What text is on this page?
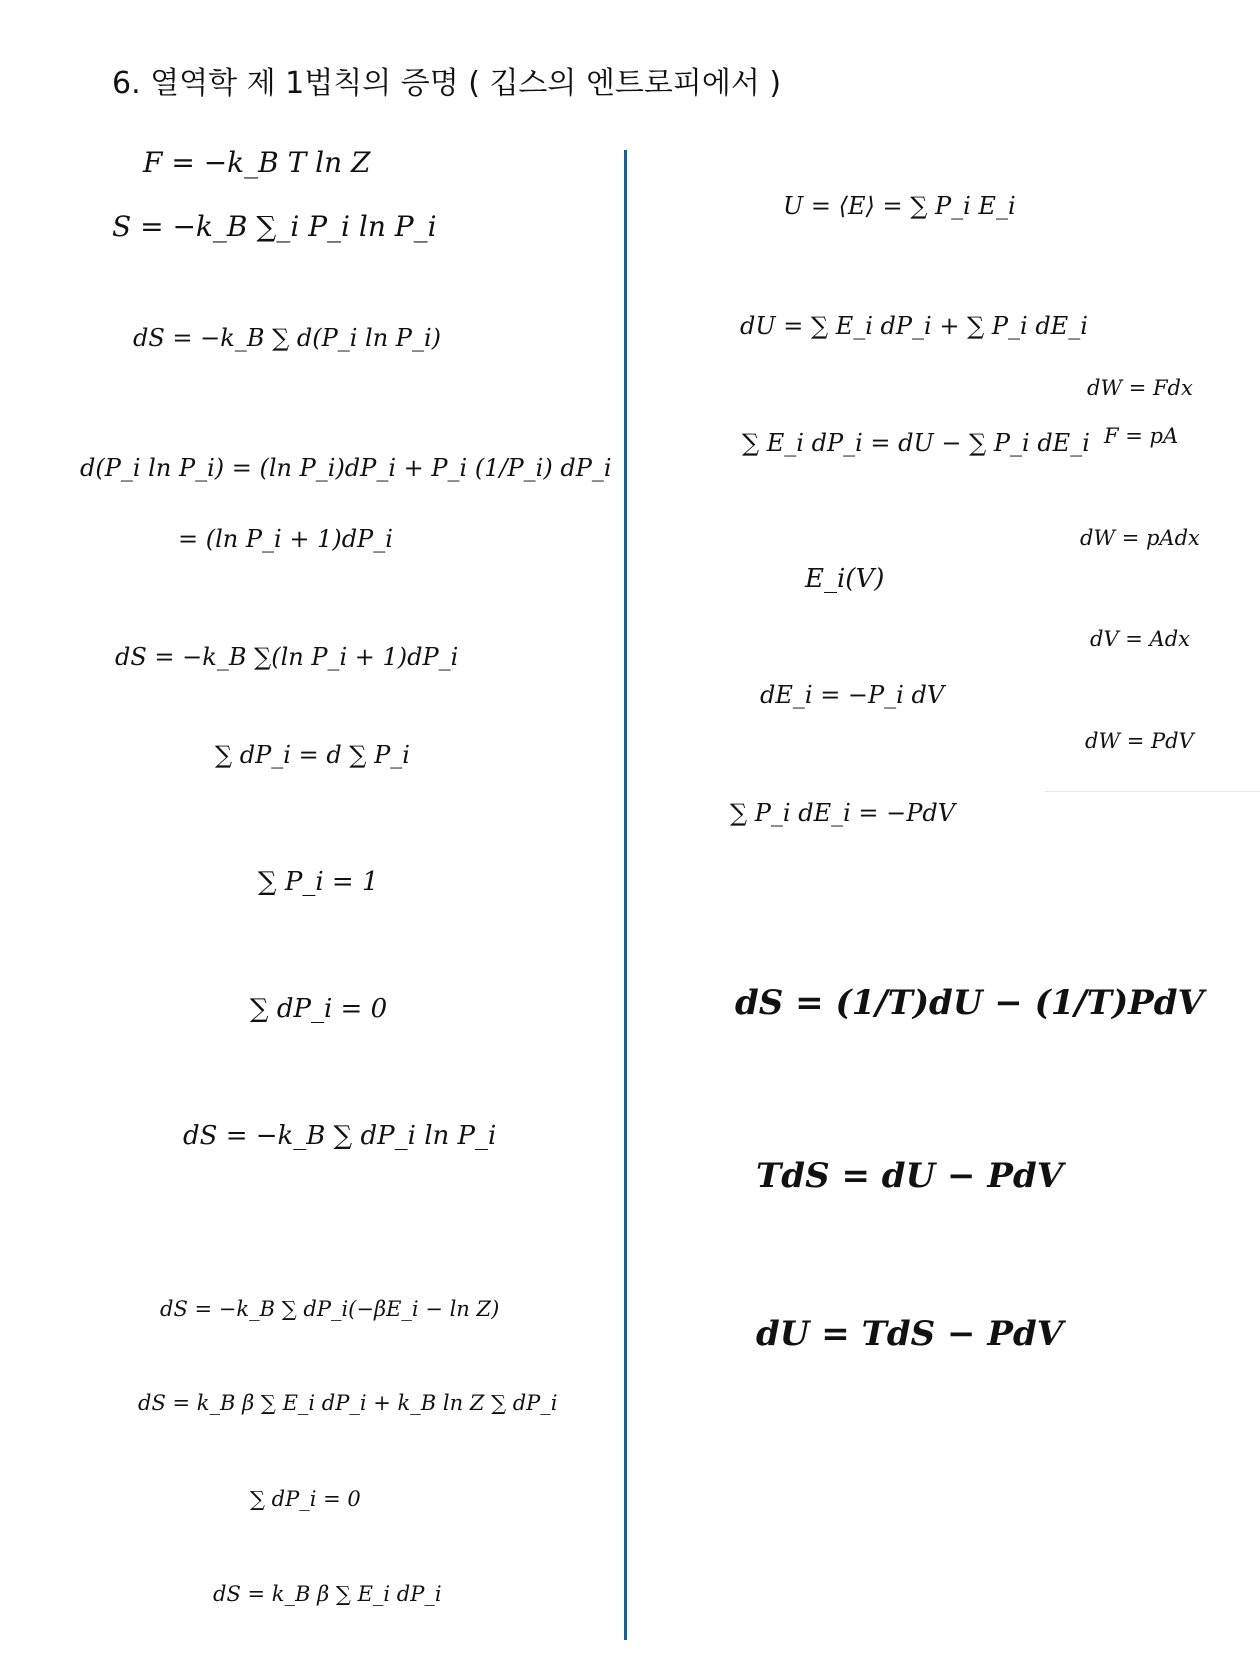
6. 열역학 제 1법칙의 증명 ( 깁스의 엔트로피에서 )
F = −k_B T ln Z
S = −k_B ∑_i P_i ln P_i
dS = −k_B ∑ d(P_i ln P_i)
d(P_i ln P_i) = (ln P_i)dP_i + P_i (1/P_i) dP_i
= (ln P_i + 1)dP_i
dS = −k_B ∑(ln P_i + 1)dP_i
∑ dP_i = d ∑ P_i
∑ P_i = 1
∑ dP_i = 0
dS = −k_B ∑ dP_i ln P_i
dS = −k_B ∑ dP_i(−βE_i − ln Z)
dS = k_B β ∑ E_i dP_i + k_B ln Z ∑ dP_i
∑ dP_i = 0
dS = k_B β ∑ E_i dP_i
U = ⟨E⟩ = ∑ P_i E_i
dU = ∑ E_i dP_i + ∑ P_i dE_i
∑ E_i dP_i = dU − ∑ P_i dE_i
E_i(V)
dE_i = −P_i dV
∑ P_i dE_i = −PdV
dS = (1/T)dU − (1/T)PdV
TdS = dU − PdV
dU = TdS − PdV
dW = Fdx
F = pA
dW = pAdx
dV = Adx
dW = PdV
